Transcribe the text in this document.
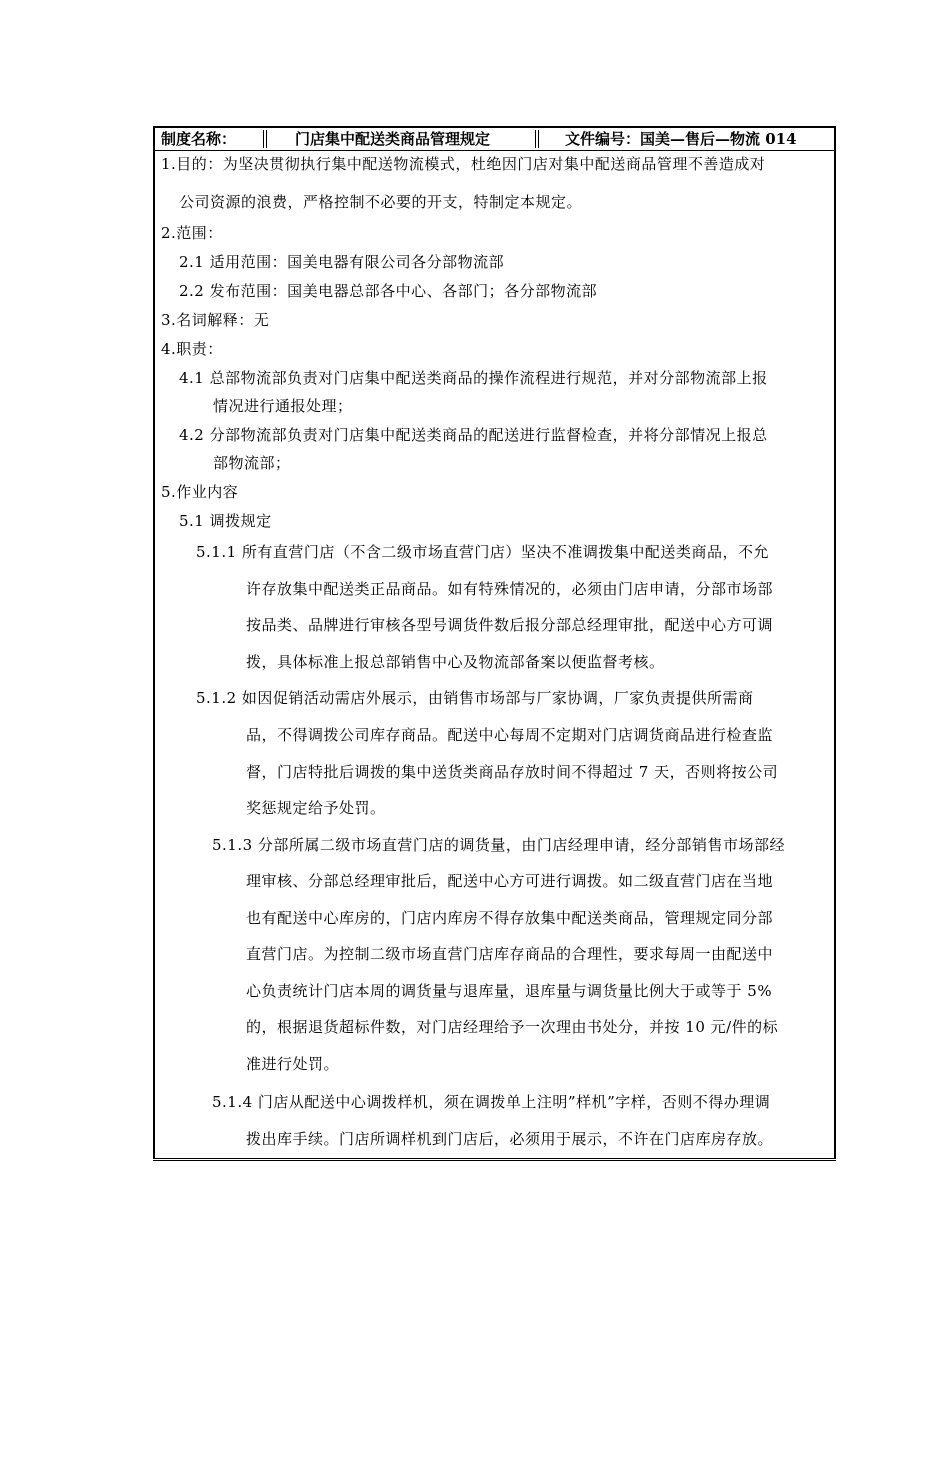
制度名称：	门店集中配送类商品管理规定	文件编号：国美—售后—物流 014
1.目的：为坚决贯彻执行集中配送物流模式，杜绝因门店对集中配送商品管理不善造成对
公司资源的浪费，严格控制不必要的开支，特制定本规定。
2.范围：
2.1 适用范围：国美电器有限公司各分部物流部
2.2 发布范围：国美电器总部各中心、各部门；各分部物流部
3.名词解释：无
4.职责：
4.1 总部物流部负责对门店集中配送类商品的操作流程进行规范，并对分部物流部上报
情况进行通报处理；
4.2 分部物流部负责对门店集中配送类商品的配送进行监督检查，并将分部情况上报总
部物流部；
5.作业内容
5.1 调拨规定
5.1.1 所有直营门店（不含二级市场直营门店）坚决不准调拨集中配送类商品，不允
许存放集中配送类正品商品。如有特殊情况的，必须由门店申请，分部市场部
按品类、品牌进行审核各型号调货件数后报分部总经理审批，配送中心方可调
拨，具体标准上报总部销售中心及物流部备案以便监督考核。
5.1.2 如因促销活动需店外展示，由销售市场部与厂家协调，厂家负责提供所需商
品，不得调拨公司库存商品。配送中心每周不定期对门店调货商品进行检查监
督，门店特批后调拨的集中送货类商品存放时间不得超过 7 天，否则将按公司
奖惩规定给予处罚。
5.1.3 分部所属二级市场直营门店的调货量，由门店经理申请，经分部销售市场部经
理审核、分部总经理审批后，配送中心方可进行调拨。如二级直营门店在当地
也有配送中心库房的，门店内库房不得存放集中配送类商品，管理规定同分部
直营门店。为控制二级市场直营门店库存商品的合理性，要求每周一由配送中
心负责统计门店本周的调货量与退库量，退库量与调货量比例大于或等于 5%
的，根据退货超标件数，对门店经理给予一次理由书处分，并按 10 元/件的标
准进行处罚。
5.1.4 门店从配送中心调拨样机，须在调拨单上注明”样机”字样，否则不得办理调
拨出库手续。门店所调样机到门店后，必须用于展示，不许在门店库房存放。
